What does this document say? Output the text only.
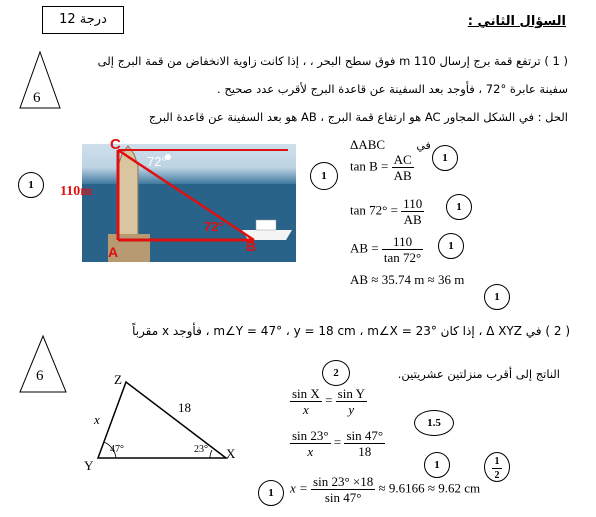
12 درجة	السؤال الثاني :
6
( 1 ) ترتفع قمة برج إرسال 110 m فوق سطح البحر ، ، إذا كانت زاوية الانخفاض من قمة البرج إلى
سفينة عابرة °72 ، فأوجد بعد السفينة عن قاعدة البرج لأقرب عدد صحيح .
الحل : في الشكل المجاور AC هو ارتفاع قمة البرج ، AB هو بعد السفينة عن قاعدة البرج
1
C
A	B
110m
72°
72°
1
ΔABC	في
1
$\tan B = \frac{AC}{AB}$
$\tan 72^\circ = \frac{110}{AB}$	1
AB = $\frac{110}{\tan 72^\circ}$	1
AB ≈ 35.74 m ≈ 36 m
1
( 2 ) في Δ XYZ ، إذا كان m∠Y = 47° ، y = 18 cm ، m∠X = 23° ، فأوجد x مقرباً
الناتج إلى أقرب منزلتين عشريتين.
6	Z
Y
X
x
18
47°	23°
2
$\frac{\text{sin X}}{x} = \frac{\text{sin Y}}{y}$
$\frac{\sin 23^\circ}{x} = \frac{\sin 47^\circ}{18}$
1.5
1	1
2
1	$x = \frac{\sin 23^\circ \times 18}{\sin 47^\circ} \approx 9.6166 \approx 9.62$ cm
